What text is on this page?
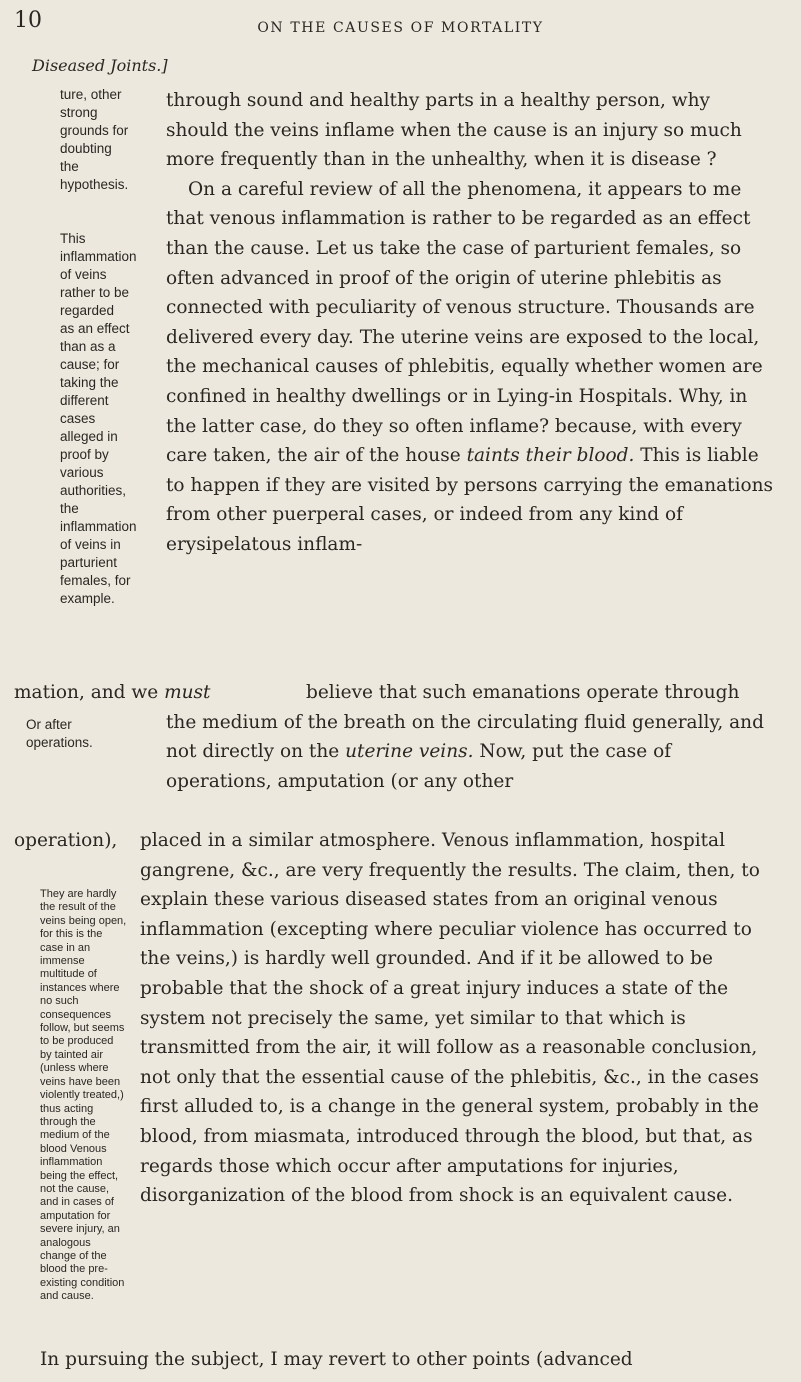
10	ON THE CAUSES OF MORTALITY
Diseased Joints.]
ture, other strong grounds for doubting the hypothesis.
This inflammation of veins rather to be regarded as an effect than as a cause; for taking the different cases alleged in proof by various authorities, the inflammation of veins in parturient females, for example.
through sound and healthy parts in a healthy person, why should the veins inflame when the cause is an injury so much more frequently than in the unhealthy, when it is disease ?
On a careful review of all the phenomena, it appears to me that venous inflammation is rather to be regarded as an effect than the cause. Let us take the case of parturient females, so often advanced in proof of the origin of uterine phlebitis as connected with peculiarity of venous structure. Thousands are delivered every day. The uterine veins are exposed to the local, the mechanical causes of phlebitis, equally whether women are confined in healthy dwellings or in Lying-in Hospitals. Why, in the latter case, do they so often inflame? because, with every care taken, the air of the house taints their blood. This is liable to happen if they are visited by persons carrying the emanations from other puerperal cases, or indeed from any kind of erysipelatous inflam-
mation, and we must
Or after operations.
believe that such emanations operate through the medium of the breath on the circulating fluid generally, and not directly on the uterine veins. Now, put the case of operations, amputation (or any other
operation),
They are hardly the result of the veins being open, for this is the case in an immense multitude of instances where no such consequences follow, but seems to be produced by tainted air (unless where veins have been violently treated,) thus acting through the medium of the blood Venous inflammation being the effect, not the cause, and in cases of amputation for severe injury, an analogous change of the blood the pre-existing condition and cause.
placed in a similar atmosphere. Venous inflammation, hospital gangrene, &c., are very frequently the results. The claim, then, to explain these various diseased states from an original venous inflammation (excepting where peculiar violence has occurred to the veins,) is hardly well grounded. And if it be allowed to be probable that the shock of a great injury induces a state of the system not precisely the same, yet similar to that which is transmitted from the air, it will follow as a reasonable conclusion, not only that the essential cause of the phlebitis, &c., in the cases first alluded to, is a change in the general system, probably in the blood, from miasmata, introduced through the blood, but that, as regards those which occur after amputations for injuries, disorganization of the blood from shock is an equivalent cause.
In pursuing the subject, I may revert to other points (advanced
